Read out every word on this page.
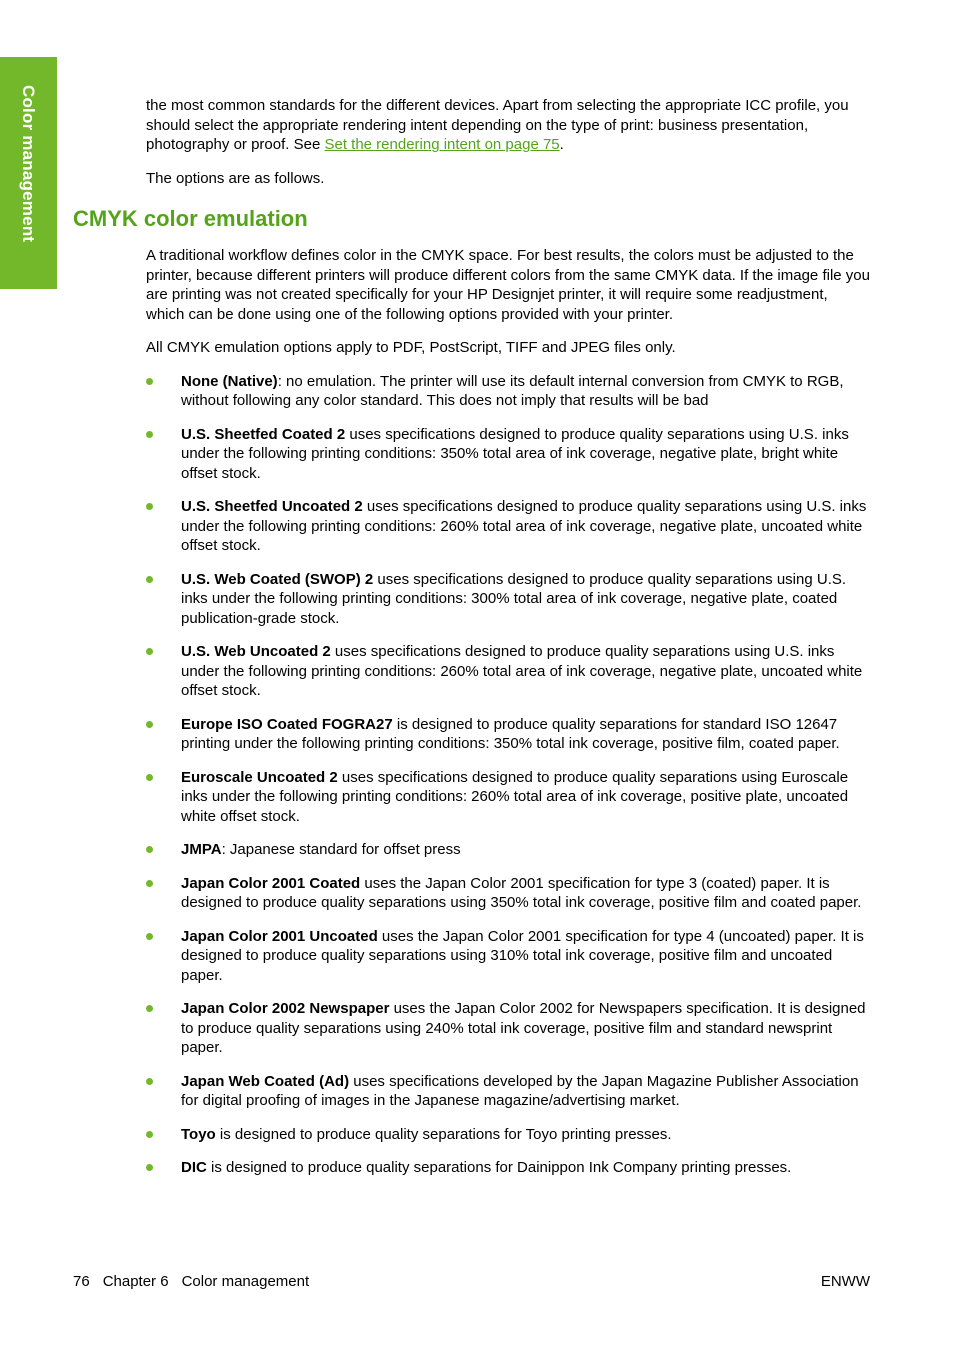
Color management	the most common standards for the different devices. Apart from selecting the appropriate ICC profile, you should select the appropriate rendering intent depending on the type of print: business presentation, photography or proof. See Set the rendering intent on page 75.

The options are as follows.

CMYK color emulation

A traditional workflow defines color in the CMYK space. For best results, the colors must be adjusted to the printer, because different printers will produce different colors from the same CMYK data. If the image file you are printing was not created specifically for your HP Designjet printer, it will require some readjustment, which can be done using one of the following options provided with your printer.

All CMYK emulation options apply to PDF, PostScript, TIFF and JPEG files only.

None (Native): no emulation. The printer will use its default internal conversion from CMYK to RGB, without following any color standard. This does not imply that results will be bad
U.S. Sheetfed Coated 2 uses specifications designed to produce quality separations using U.S. inks under the following printing conditions: 350% total area of ink coverage, negative plate, bright white offset stock.
U.S. Sheetfed Uncoated 2 uses specifications designed to produce quality separations using U.S. inks under the following printing conditions: 260% total area of ink coverage, negative plate, uncoated white offset stock.
U.S. Web Coated (SWOP) 2 uses specifications designed to produce quality separations using U.S. inks under the following printing conditions: 300% total area of ink coverage, negative plate, coated publication-grade stock.
U.S. Web Uncoated 2 uses specifications designed to produce quality separations using U.S. inks under the following printing conditions: 260% total area of ink coverage, negative plate, uncoated white offset stock.
Europe ISO Coated FOGRA27 is designed to produce quality separations for standard ISO 12647 printing under the following printing conditions: 350% total ink coverage, positive film, coated paper.
Euroscale Uncoated 2 uses specifications designed to produce quality separations using Euroscale inks under the following printing conditions: 260% total area of ink coverage, positive plate, uncoated white offset stock.
JMPA: Japanese standard for offset press
Japan Color 2001 Coated uses the Japan Color 2001 specification for type 3 (coated) paper. It is designed to produce quality separations using 350% total ink coverage, positive film and coated paper.
Japan Color 2001 Uncoated uses the Japan Color 2001 specification for type 4 (uncoated) paper. It is designed to produce quality separations using 310% total ink coverage, positive film and uncoated paper.
Japan Color 2002 Newspaper uses the Japan Color 2002 for Newspapers specification. It is designed to produce quality separations using 240% total ink coverage, positive film and standard newsprint paper.
Japan Web Coated (Ad) uses specifications developed by the Japan Magazine Publisher Association for digital proofing of images in the Japanese magazine/advertising market.
Toyo is designed to produce quality separations for Toyo printing presses.
DIC is designed to produce quality separations for Dainippon Ink Company printing presses.
76 Chapter 6 Color management	ENWW
